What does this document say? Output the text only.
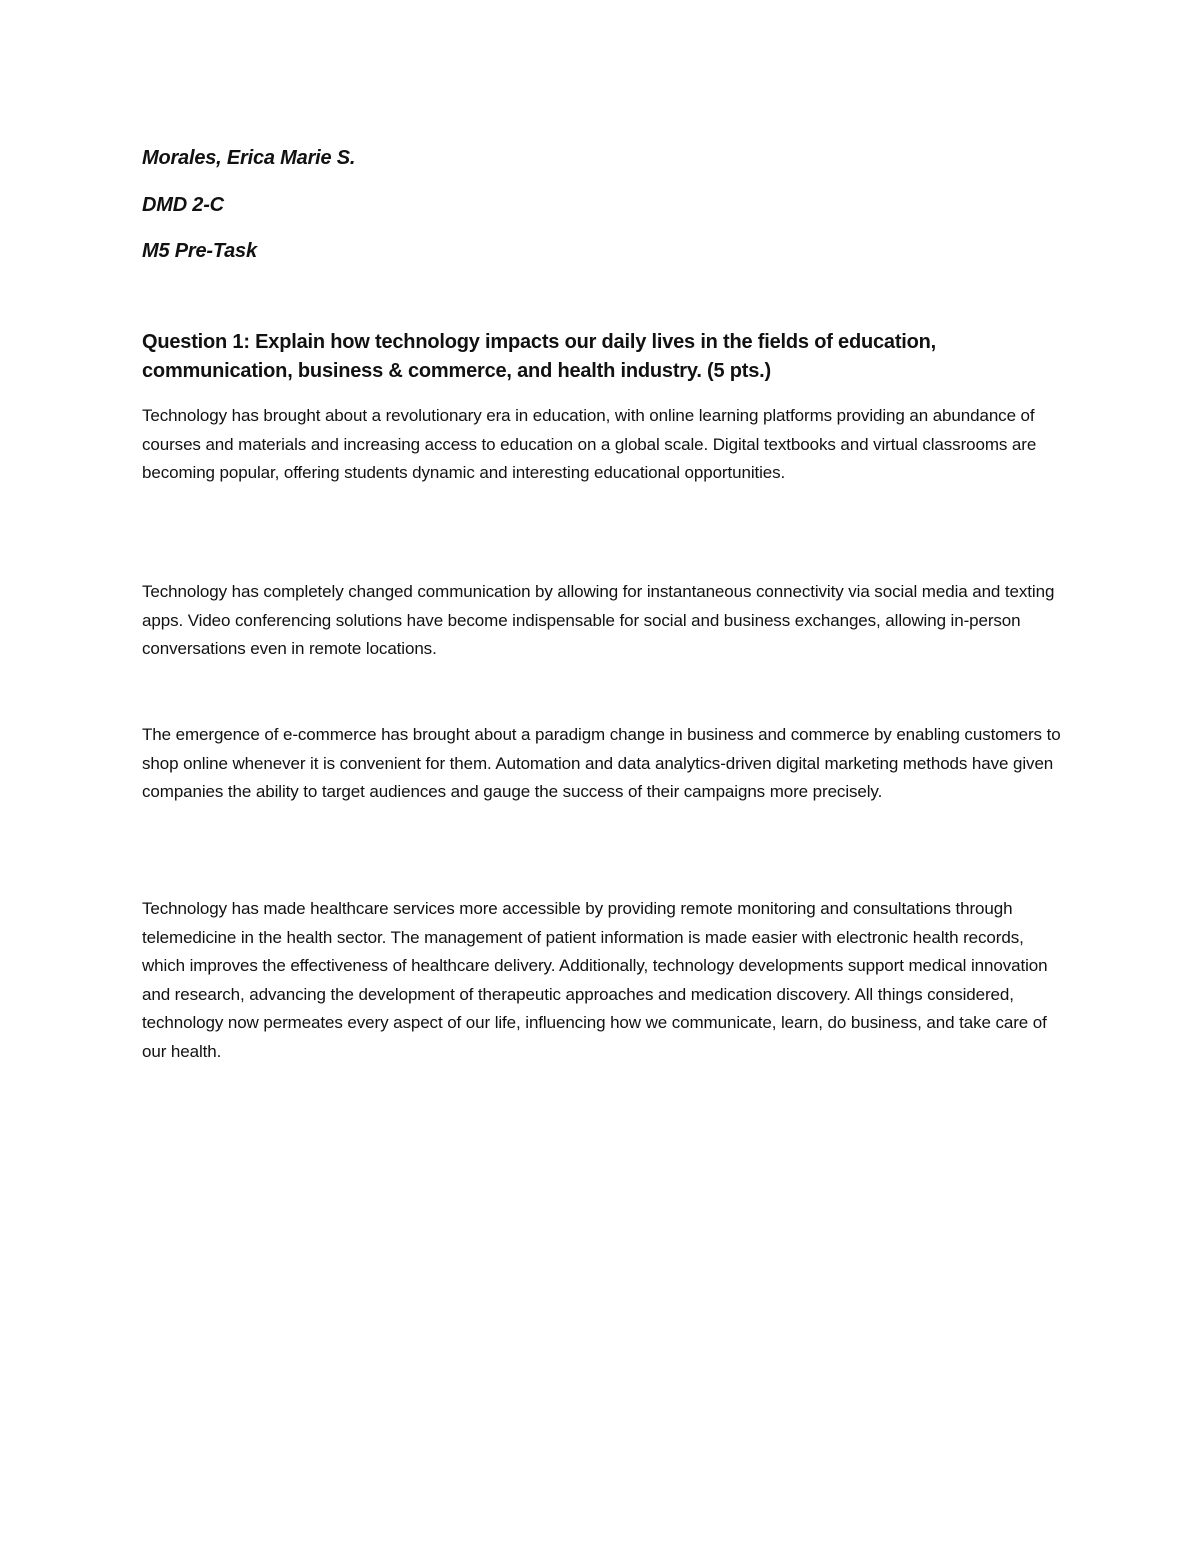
Morales, Erica Marie S.
DMD 2-C
M5 Pre-Task
Question 1: Explain how technology impacts our daily lives in the fields of education, communication, business & commerce, and health industry. (5 pts.)
Technology has brought about a revolutionary era in education, with online learning platforms providing an abundance of courses and materials and increasing access to education on a global scale. Digital textbooks and virtual classrooms are becoming popular, offering students dynamic and interesting educational opportunities.
Technology has completely changed communication by allowing for instantaneous connectivity via social media and texting apps. Video conferencing solutions have become indispensable for social and business exchanges, allowing in-person conversations even in remote locations.
The emergence of e-commerce has brought about a paradigm change in business and commerce by enabling customers to shop online whenever it is convenient for them. Automation and data analytics-driven digital marketing methods have given companies the ability to target audiences and gauge the success of their campaigns more precisely.
Technology has made healthcare services more accessible by providing remote monitoring and consultations through telemedicine in the health sector. The management of patient information is made easier with electronic health records, which improves the effectiveness of healthcare delivery. Additionally, technology developments support medical innovation and research, advancing the development of therapeutic approaches and medication discovery. All things considered, technology now permeates every aspect of our life, influencing how we communicate, learn, do business, and take care of our health.
